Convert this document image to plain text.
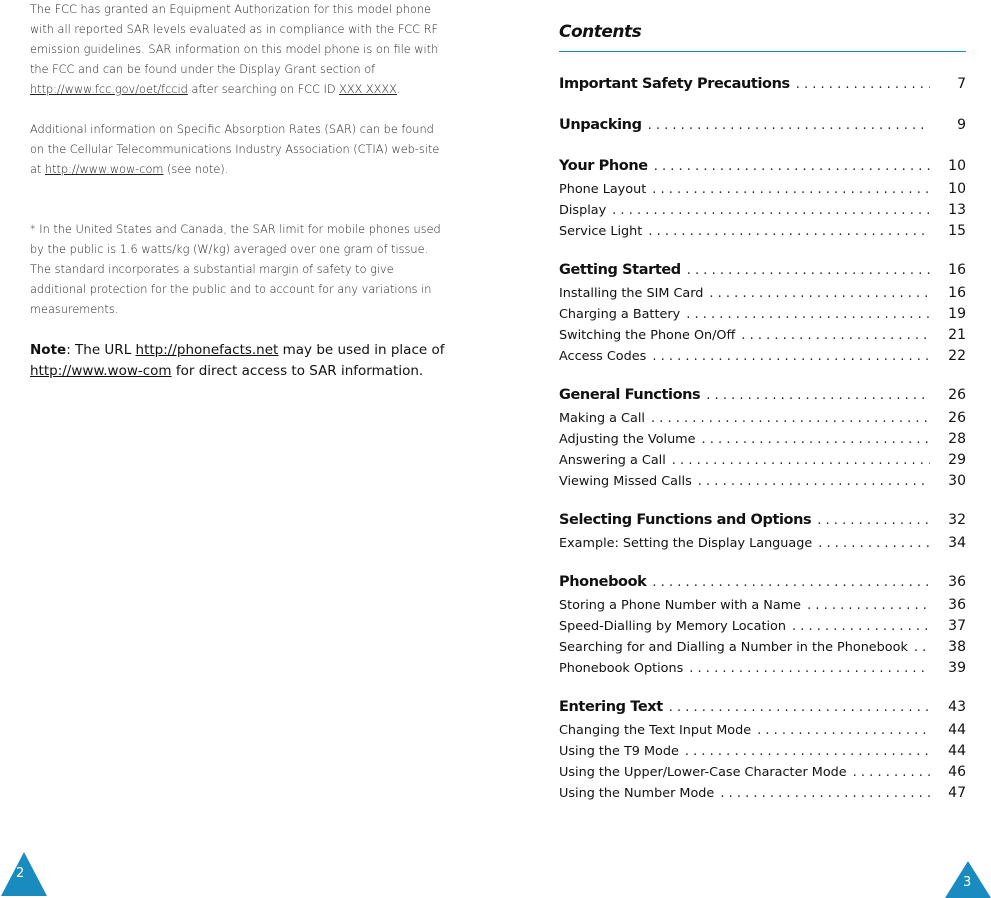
The FCC has granted an Equipment Authorization for this model phone with all reported SAR levels evaluated as in compliance with the FCC RF emission guidelines. SAR information on this model phone is on file with the FCC and can be found under the Display Grant section of http://www.fcc.gov/oet/fccid after searching on FCC ID XXX XXXX.

Additional information on Specific Absorption Rates (SAR) can be found on the Cellular Telecommunications Industry Association (CTIA) web-site at http://www.wow-com (see note).

* In the United States and Canada, the SAR limit for mobile phones used by the public is 1.6 watts/kg (W/kg) averaged over one gram of tissue. The standard incorporates a substantial margin of safety to give additional protection for the public and to account for any variations in measurements.

Note: The URL http://phonefacts.net may be used in place of http://www.wow-com for direct access to SAR information.

Contents
Important Safety Precautions . . .	7
Unpacking . . .	9
Your Phone . . .	10
Phone Layout . . .	10
Display . . .	13
Service Light . . .	15
Getting Started . . .	16
Installing the SIM Card . . .	16
Charging a Battery . . .	19
Switching the Phone On/Off . . .	21
Access Codes . . .	22
General Functions . . .	26
Making a Call . . .	26
Adjusting the Volume . . .	28
Answering a Call . . .	29
Viewing Missed Calls . . .	30
Selecting Functions and Options . . .	32
Example: Setting the Display Language . . .	34
Phonebook . . .	36
Storing a Phone Number with a Name . . .	36
Speed-Dialling by Memory Location . . .	37
Searching for and Dialling a Number in the Phonebook . . .	38
Phonebook Options . . .	39
Entering Text . . .	43
Changing the Text Input Mode . . .	44
Using the T9 Mode . . .	44
Using the Upper/Lower-Case Character Mode . . .	46
Using the Number Mode . . .	47
2
3
